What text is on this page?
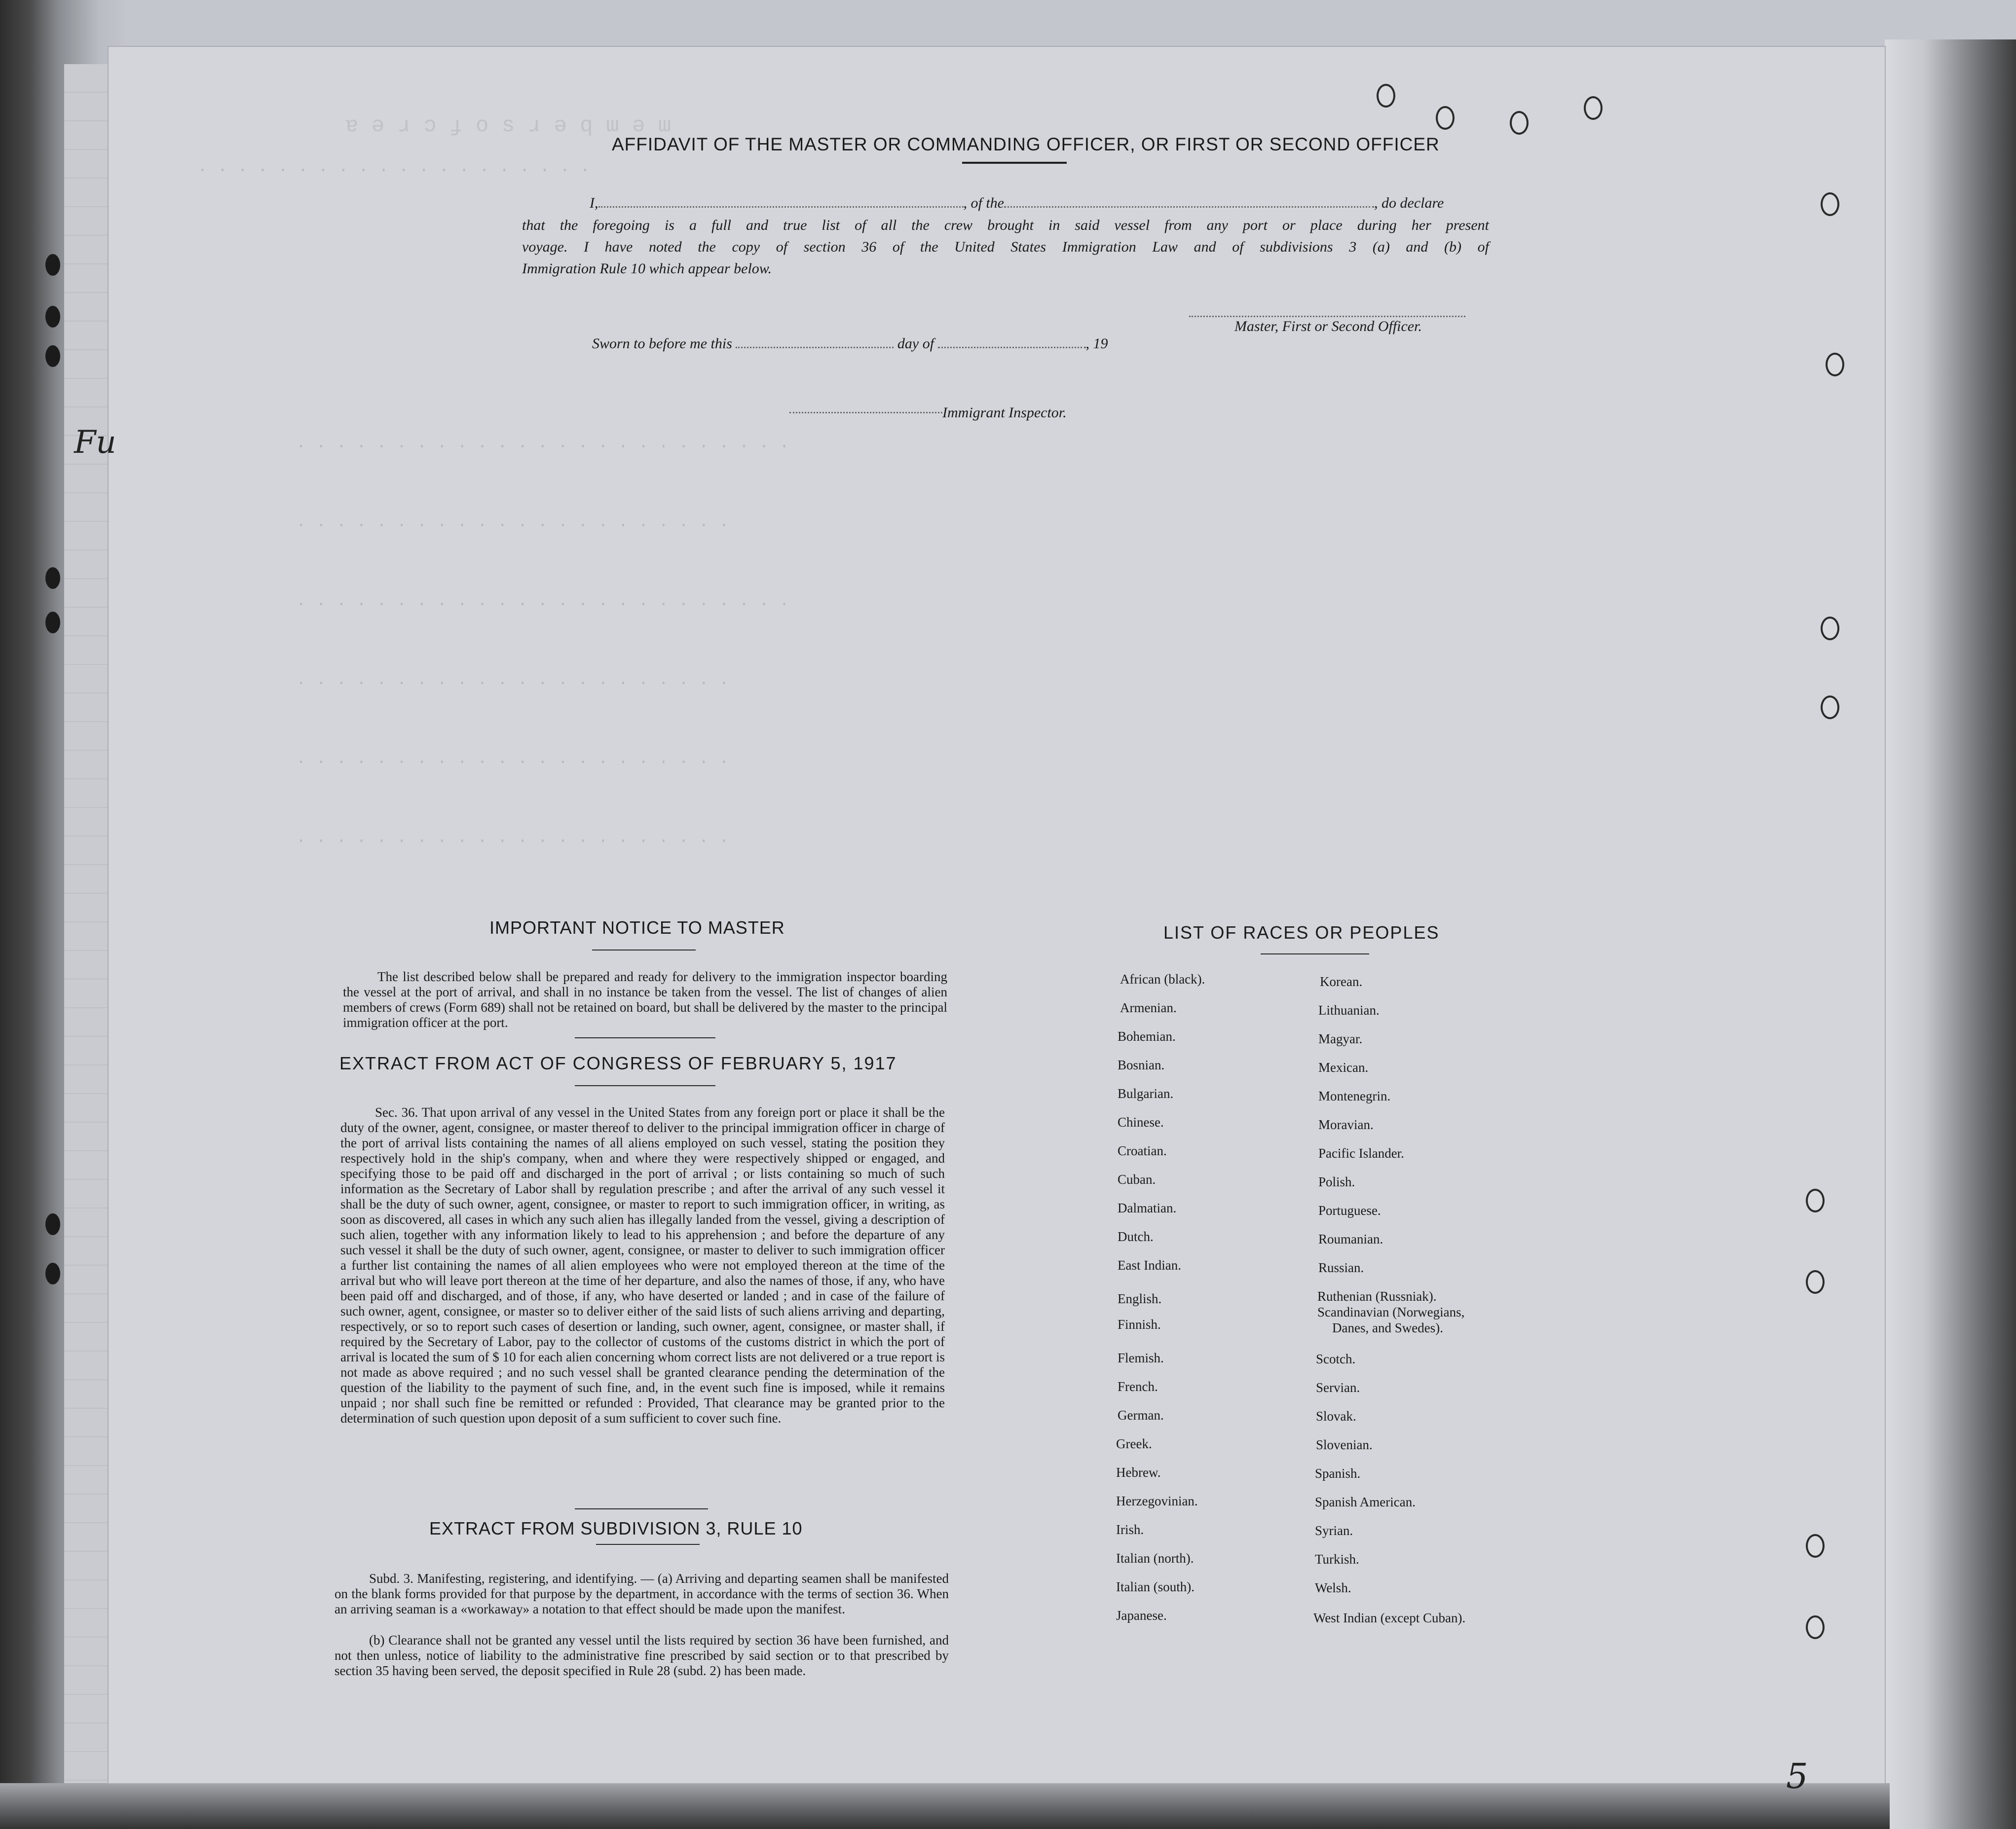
ɐ ǝ ɹ ɔ ɟ o s ɹ ǝ q ɯ ǝ ɯ
. . . . . . . . . . . . . . . . . . . .
. . . . . . . . . . . . . . . . . . . . . . . . .
. . . . . . . . . . . . . . . . . . . . . .
. . . . . . . . . . . . . . . . . . . . . . . . .
. . . . . . . . . . . . . . . . . . . . . .
. . . . . . . . . . . . . . . . . . . . . .
. . . . . . . . . . . . . . . . . . . . . .
AFFIDAVIT OF THE MASTER OR COMMANDING OFFICER, OR FIRST OR SECOND OFFICER
I,	, of the	, do declare
that the foregoing is a full and true list of all the crew brought in said vessel from any port or place during her present
voyage. I have noted the copy of section 36 of the United States Immigration Law and of subdivisions 3 (a) and (b) of
Immigration Rule 10 which appear below.
Master, First or Second Officer.
Sworn to before me this	day of	, 19
Immigrant Inspector.
Fu
IMPORTANT NOTICE TO MASTER
The list described below shall be prepared and ready for delivery to the immigration inspector boarding the vessel at the port of arrival, and shall in no instance be taken from the vessel. The list of changes of alien members of crews (Form 689) shall not be retained on board, but shall be delivered by the master to the principal immigration officer at the port.
EXTRACT FROM ACT OF CONGRESS OF FEBRUARY 5, 1917
Sec. 36. That upon arrival of any vessel in the United States from any foreign port or place it shall be the duty of the owner, agent, consignee, or master thereof to deliver to the principal immigration officer in charge of the port of arrival lists containing the names of all aliens employed on such vessel, stating the position they respectively hold in the ship's company, when and where they were respectively shipped or engaged, and specifying those to be paid off and discharged in the port of arrival ; or lists containing so much of such information as the Secretary of Labor shall by regulation prescribe ; and after the arrival of any such vessel it shall be the duty of such owner, agent, consignee, or master to report to such immigration officer, in writing, as soon as discovered, all cases in which any such alien has illegally landed from the vessel, giving a description of such alien, together with any information likely to lead to his apprehension ; and before the departure of any such vessel it shall be the duty of such owner, agent, consignee, or master to deliver to such immigration officer a further list containing the names of all alien employees who were not employed thereon at the time of the arrival but who will leave port thereon at the time of her departure, and also the names of those, if any, who have been paid off and discharged, and of those, if any, who have deserted or landed ; and in case of the failure of such owner, agent, consignee, or master so to deliver either of the said lists of such aliens arriving and departing, respectively, or so to report such cases of desertion or landing, such owner, agent, consignee, or master shall, if required by the Secretary of Labor, pay to the collector of customs of the customs district in which the port of arrival is located the sum of $ 10 for each alien concerning whom correct lists are not delivered or a true report is not made as above required ; and no such vessel shall be granted clearance pending the determination of the question of the liability to the payment of such fine, and, in the event such fine is imposed, while it remains unpaid ; nor shall such fine be remitted or refunded : Provided, That clearance may be granted prior to the determination of such question upon deposit of a sum sufficient to cover such fine.
EXTRACT FROM SUBDIVISION 3, RULE 10
Subd. 3. Manifesting, registering, and identifying. — (a) Arriving and departing seamen shall be manifested on the blank forms provided for that purpose by the department, in accordance with the terms of section 36. When an arriving seaman is a «workaway» a notation to that effect should be made upon the manifest.
(b) Clearance shall not be granted any vessel until the lists required by section 36 have been furnished, and not then unless, notice of liability to the administrative fine prescribed by said section or to that prescribed by section 35 having been served, the deposit specified in Rule 28 (subd. 2) has been made.
LIST OF RACES OR PEOPLES
African (black).
Armenian.
Bohemian.
Bosnian.
Bulgarian.
Chinese.
Croatian.
Cuban.
Dalmatian.
Dutch.
East Indian.
English.
Finnish.
Flemish.
French.
German.
Greek.
Hebrew.
Herzegovinian.
Irish.
Italian (north).
Italian (south).
Japanese.
Korean.
Lithuanian.
Magyar.
Mexican.
Montenegrin.
Moravian.
Pacific Islander.
Polish.
Portuguese.
Roumanian.
Russian.
Ruthenian (Russniak).
Scandinavian (Norwegians,
Danes, and Swedes).
Scotch.
Servian.
Slovak.
Slovenian.
Spanish.
Spanish American.
Syrian.
Turkish.
Welsh.
West Indian (except Cuban).
5
